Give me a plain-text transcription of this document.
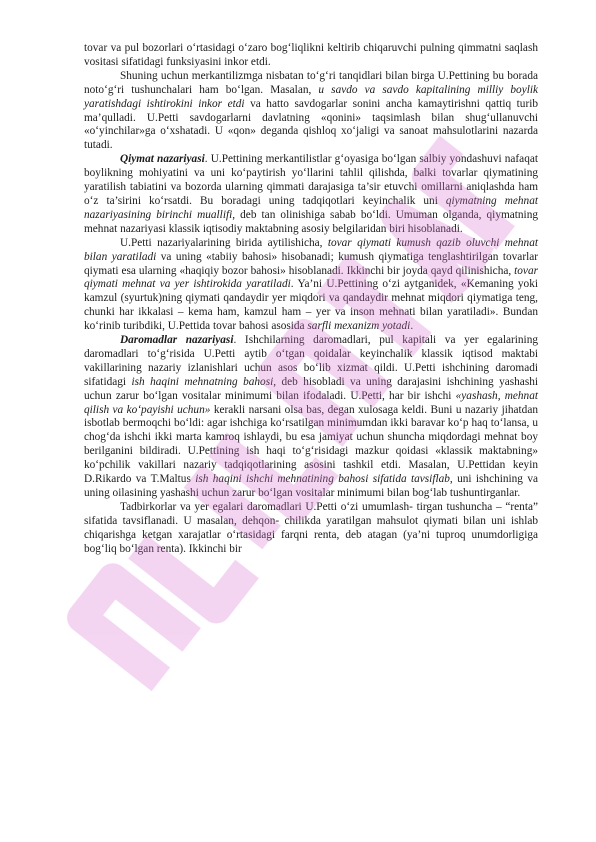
tovar va pul bozorlari o‘rtasidagi o‘zaro bog‘liqlikni keltirib chiqaruvchi pulning qimmatni saqlash vositasi sifatidagi funksiyasini inkor etdi.

Shuning uchun merkantilizmga nisbatan to‘g‘ri tanqidlari bilan birga U.Pettining bu borada noto‘g‘ri tushunchalari ham bo‘lgan. Masalan, u savdo va savdo kapitalining milliy boylik yaratishdagi ishtirokini inkor etdi va hatto savdogarlar sonini ancha kamaytirishni qattiq turib ma’qulladi. U.Petti savdogarlarni davlatning «qonini» taqsimlash bilan shug‘ullanuvchi «o‘yinchilar»ga o‘xshatadi. U «qon» deganda qishloq xo‘jaligi va sanoat mahsulotlarini nazarda tutadi.

Qiymat nazariyasi. U.Pettining merkantilistlar g‘oyasiga bo‘lgan salbiy yondashuvi nafaqat boylikning mohiyatini va uni ko‘paytirish yo‘llarini tahlil qilishda, balki tovarlar qiymatining yaratilish tabiatini va bozorda ularning qimmati darajasiga ta’sir etuvchi omillarni aniqlashda ham o‘z ta’sirini ko‘rsatdi. Bu boradagi uning tadqiqotlari keyinchalik uni qiymatning mehnat nazariyasining birinchi muallifi, deb tan olinishiga sabab bo‘ldi. Umuman olganda, qiymatning mehnat nazariyasi klassik iqtisodiy maktabning asosiy belgilaridan biri hisoblanadi.

U.Petti nazariyalarining birida aytilishicha, tovar qiymati kumush qazib oluvchi mehnat bilan yaratiladi va uning «tabiiy bahosi» hisobanadi; kumush qiymatiga tenglashtirilgan tovarlar qiymati esa ularning «haqiqiy bozor bahosi» hisoblanadi. Ikkinchi bir joyda qayd qilinishicha, tovar qiymati mehnat va yer ishtirokida yaratiladi. Ya’ni U.Pettining o‘zi aytganidek, «Kemaning yoki kamzul (syurtuk)ning qiymati qandaydir yer miqdori va qandaydir mehnat miqdori qiymatiga teng, chunki har ikkalasi – kema ham, kamzul ham – yer va inson mehnati bilan yaratiladi». Bundan ko‘rinib turibdiki, U.Pettida tovar bahosi asosida sarfli mexanizm yotadi.

Daromadlar nazariyasi. Ishchilarning daromadlari, pul kapitali va yer egalarining daromadlari to‘g‘risida U.Petti aytib o‘tgan qoidalar keyinchalik klassik iqtisod maktabi vakillarining nazariy izlanishlari uchun asos bo‘lib xizmat qildi. U.Petti ishchining daromadi sifatidagi ish haqini mehnatning bahosi, deb hisobladi va uning darajasini ishchining yashashi uchun zarur bo‘lgan vositalar minimumi bilan ifodaladi. U.Petti, har bir ishchi «yashash, mehnat qilish va ko‘payishi uchun» kerakli narsani olsa bas, degan xulosaga keldi. Buni u nazariy jihatdan isbotlab bermoqchi bo‘ldi: agar ishchiga ko‘rsatilgan minimumdan ikki baravar ko‘p haq to‘lansa, u chog‘da ishchi ikki marta kamroq ishlaydi, bu esa jamiyat uchun shuncha miqdordagi mehnat boy berilganini bildiradi. U.Pettining ish haqi to‘g‘risidagi mazkur qoidasi «klassik maktabning» ko‘pchilik vakillari nazariy tadqiqotlarining asosini tashkil etdi. Masalan, U.Pettidan keyin D.Rikardo va T.Maltus ish haqini ishchi mehnatining bahosi sifatida tavsiflab, uni ishchining va uning oilasining yashashi uchun zarur bo‘lgan vositalar minimumi bilan bog‘lab tushuntirganlar.

Tadbirkorlar va yer egalari daromadlari U.Petti o‘zi umumlash- tirgan tushuncha – “renta” sifatida tavsiflanadi. U masalan, dehqon- chilikda yaratilgan mahsulot qiymati bilan uni ishlab chiqarishga ketgan xarajatlar o‘rtasidagi farqni renta, deb atagan (ya’ni tuproq unumdorligiga bog‘liq bo‘lgan renta). Ikkinchi bir
